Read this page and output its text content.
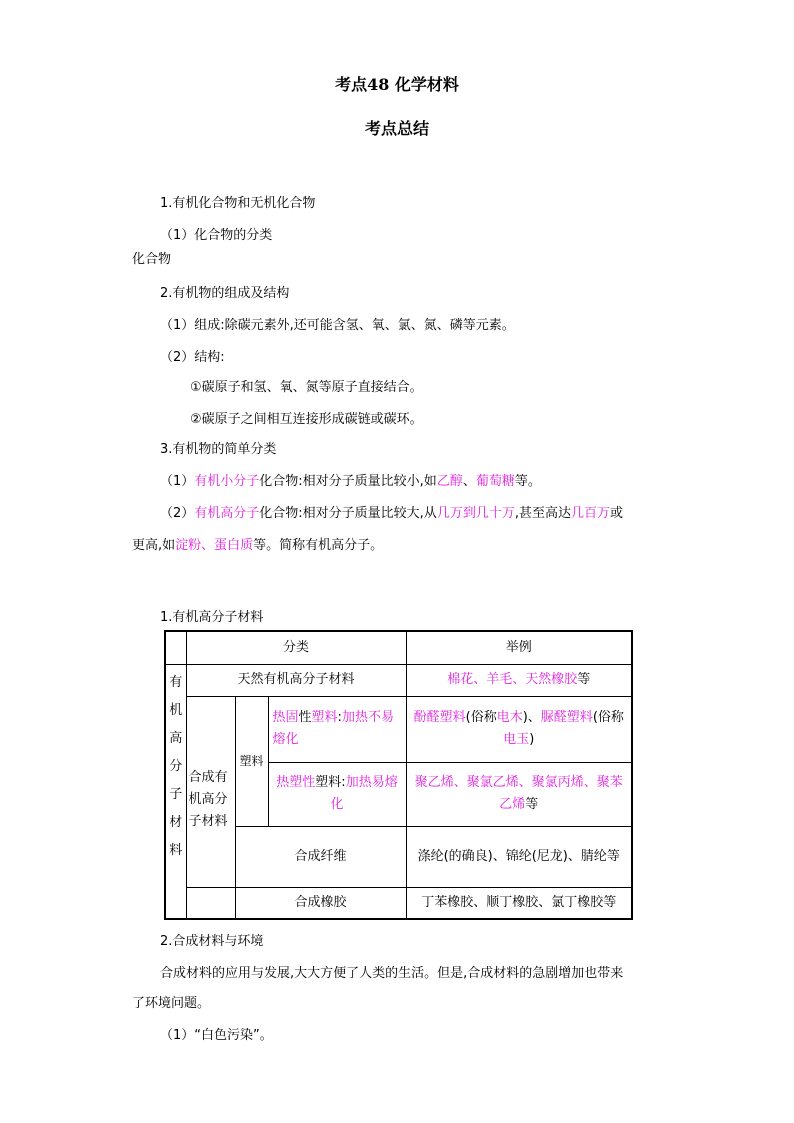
考点48 化学材料
考点总结
1.有机化合物和无机化合物
（1）化合物的分类
化合物
2.有机物的组成及结构
（1）组成:除碳元素外,还可能含氢、氧、氯、氮、磷等元素。
（2）结构:
①碳原子和氢、氧、氮等原子直接结合。
②碳原子之间相互连接形成碳链或碳环。
3.有机物的简单分类
（1）有机小分子化合物:相对分子质量比较小,如乙醇、葡萄糖等。
（2）有机高分子化合物:相对分子质量比较大,从几万到几十万,甚至高达几百万或
更高,如淀粉、蛋白质等。简称有机高分子。
1.有机高分子材料
	分类			举例
有机高分子材料	天然有机高分子材料			棉花、羊毛、天然橡胶等
	合成有机高分子材料	塑料	热固性塑料:加热不易熔化	酚醛塑料(俗称电木)、脲醛塑料(俗称电玉)
			热塑性塑料:加热易熔化	聚乙烯、聚氯乙烯、聚氯丙烯、聚苯乙烯等
		合成纤维		涤纶(的确良)、锦纶(尼龙)、腈纶等
		合成橡胶		丁苯橡胶、顺丁橡胶、氯丁橡胶等
2.合成材料与环境
合成材料的应用与发展,大大方便了人类的生活。但是,合成材料的急剧增加也带来
了环境问题。
（1）“白色污染”。
